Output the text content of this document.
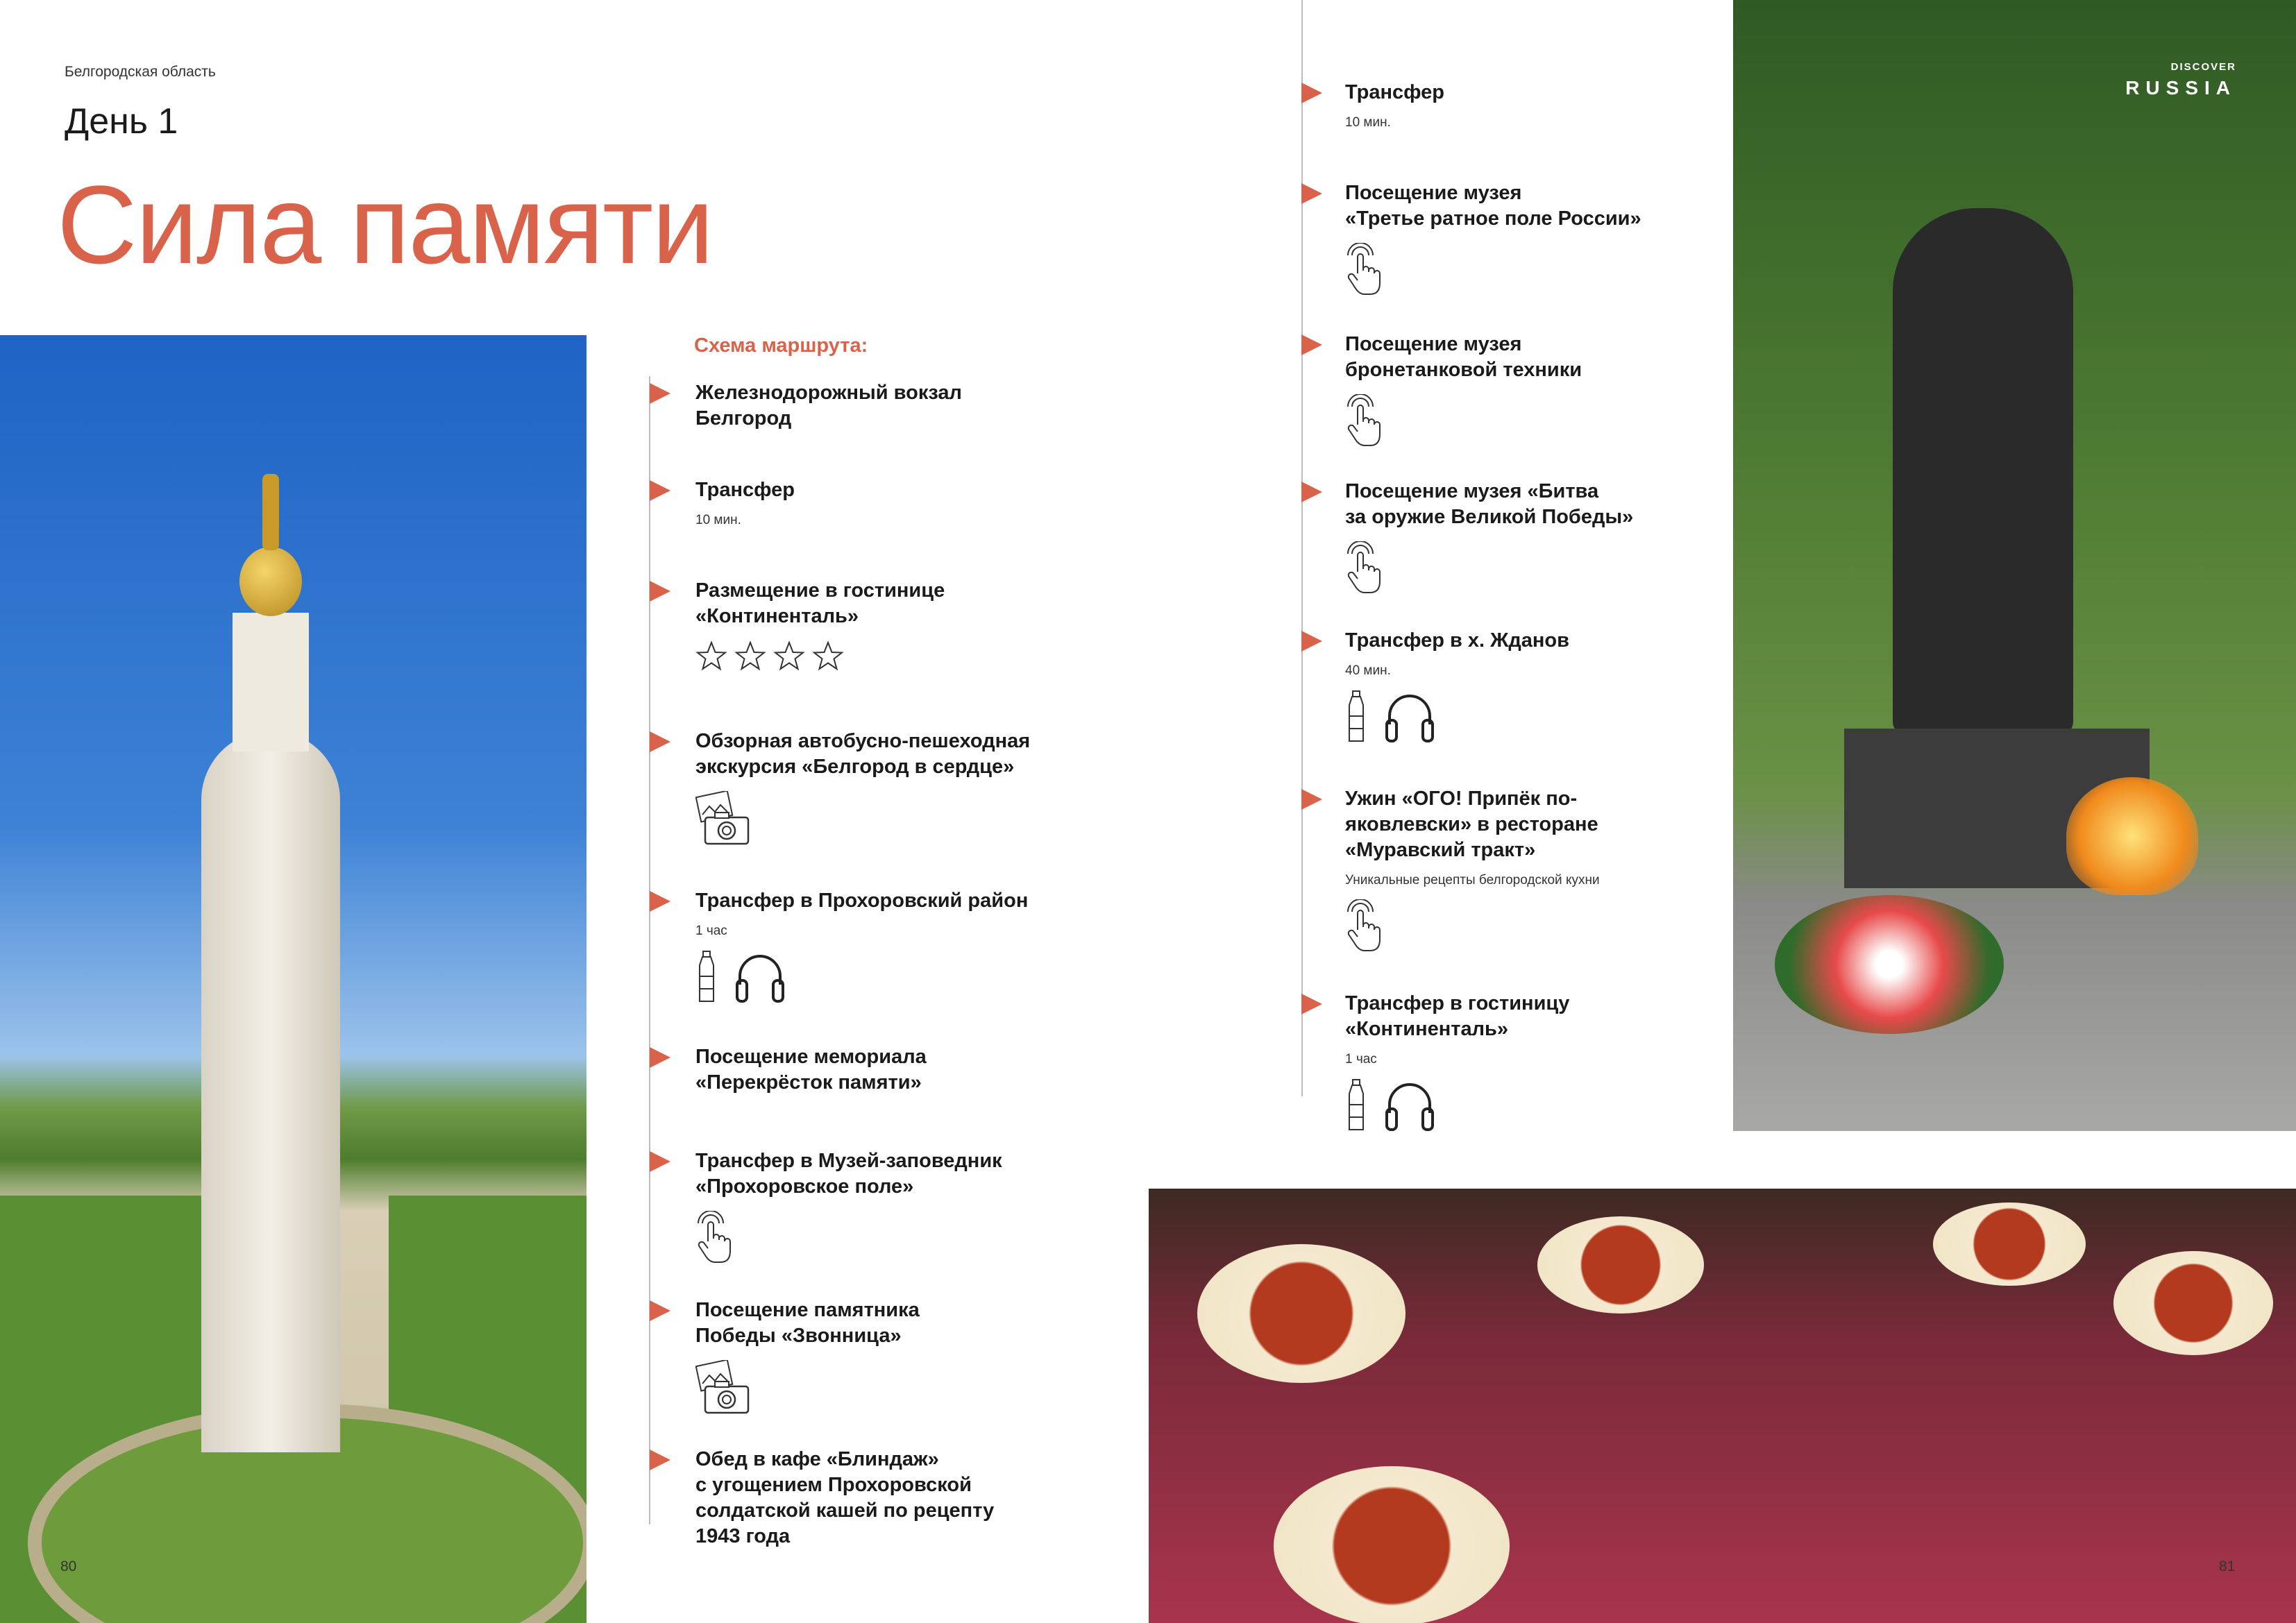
Белгородская область
День 1
Сила памяти
DISCOVER
RUSSIA
Схема маршрута:
Железнодорожный вокзал
Белгород
Трансфер
10 мин.
Размещение в гостинице
«Континенталь»
Обзорная автобусно-пешеходная
экскурсия «Белгород в сердце»
Трансфер в Прохоровский район
1 час
Посещение мемориала
«Перекрёсток памяти»
Трансфер в Музей-заповедник
«Прохоровское поле»
Посещение памятника
Победы «Звонница»
Обед в кафе «Блиндаж»
с угощением Прохоровской
солдатской кашей по рецепту
1943 года
Трансфер
10 мин.
Посещение музея
«Третье ратное поле России»
Посещение музея
бронетанковой техники
Посещение музея «Битва
за оружие Великой Победы»
Трансфер в х. Жданов
40 мин.
Ужин «ОГО! Припёк по-
яковлевски» в ресторане
«Муравский тракт»
Уникальные рецепты белгородской кухни
Трансфер в гостиницу
«Континенталь»
1 час
80	81
